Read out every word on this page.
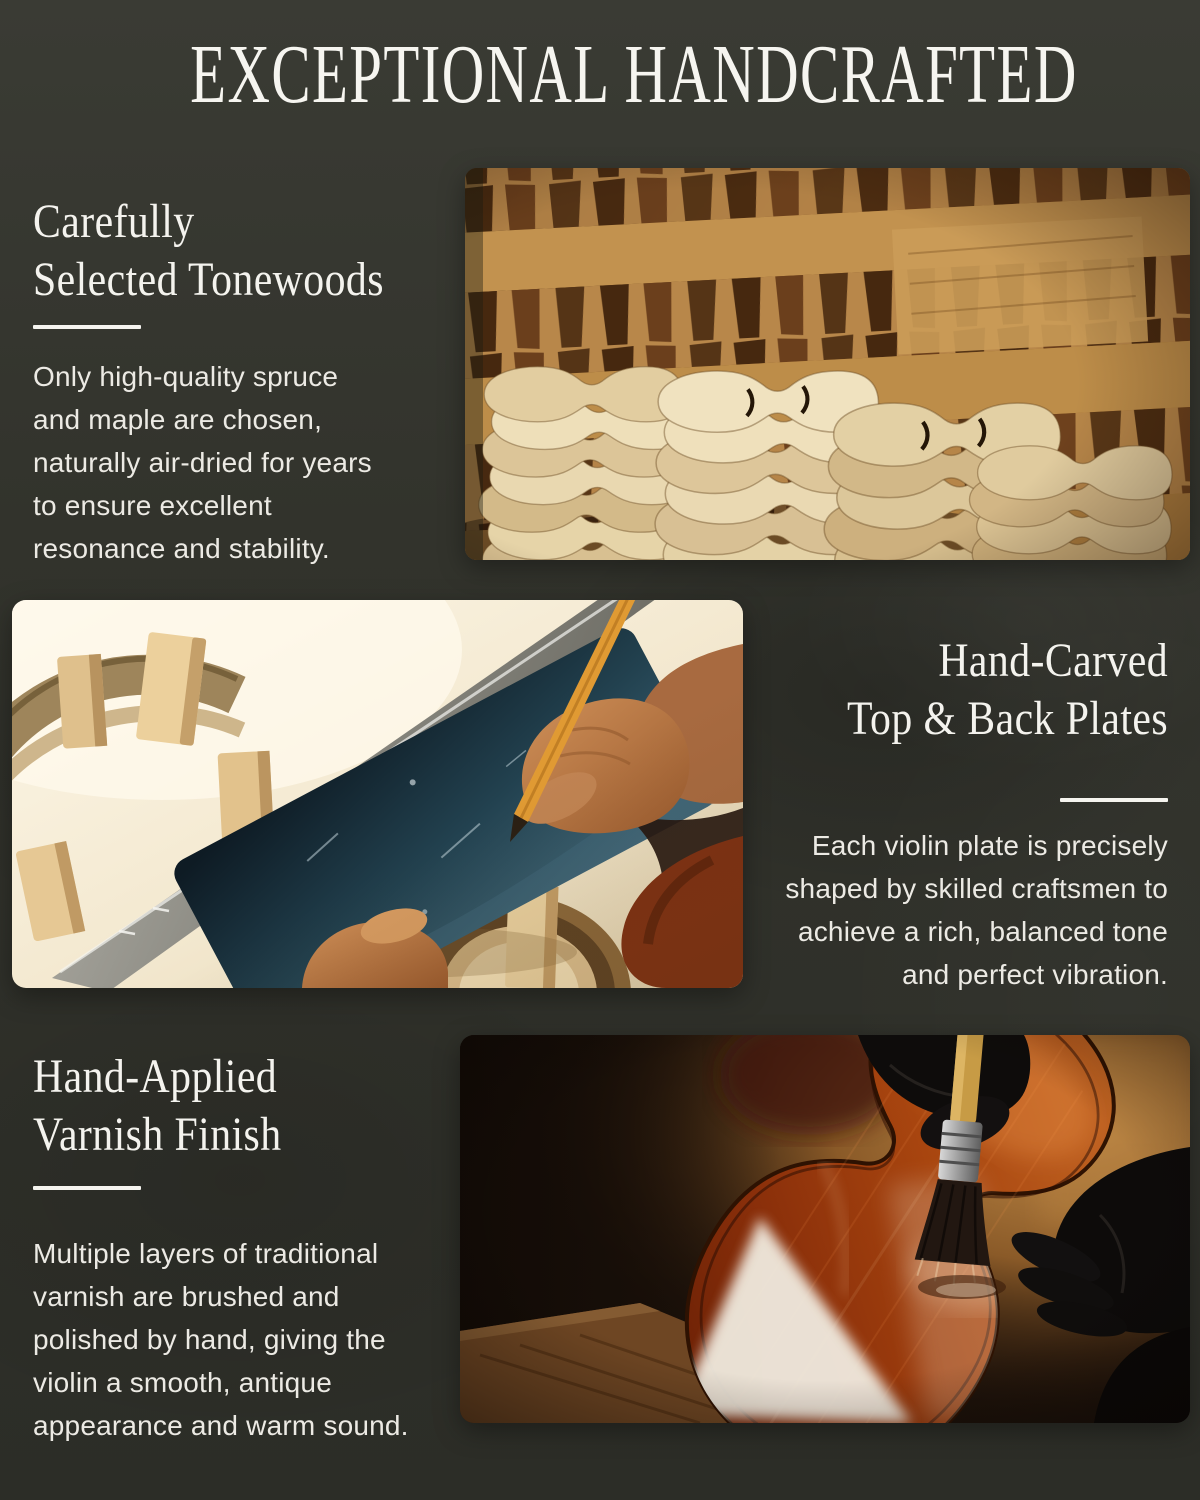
EXCEPTIONAL HANDCRAFTED
Carefully
Selected Tonewoods
Only high-quality spruce
and maple are chosen,
naturally air-dried for years
to ensure excellent
resonance and stability.
Hand-Carved
Top & Back Plates
Each violin plate is precisely
shaped by skilled craftsmen to
achieve a rich, balanced tone
and perfect vibration.
Hand-Applied
Varnish Finish
Multiple layers of traditional
varnish are brushed and
polished by hand, giving the
violin a smooth, antique
appearance and warm sound.
